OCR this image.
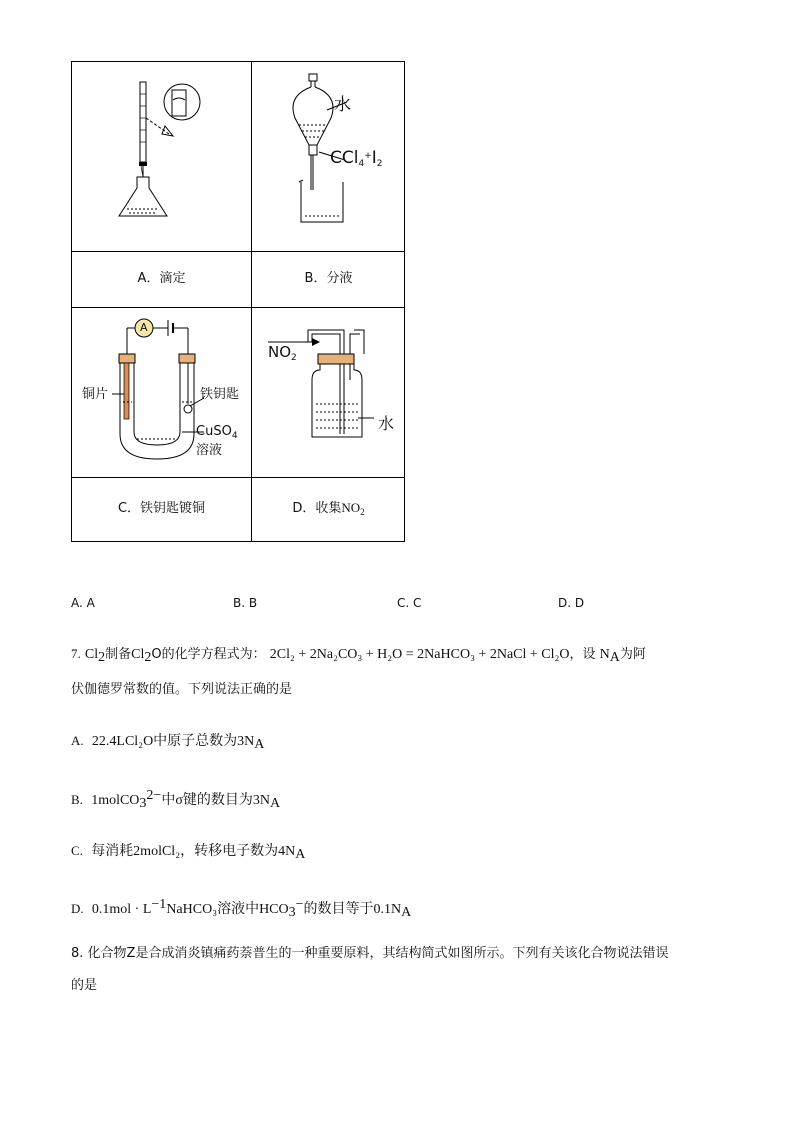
水
$CCl_4^+I_2$
A．滴定	B．分液
A
铜片	铁钥匙
CuSO$_4$
溶液
$NO_2$
水
C．铁钥匙镀铜	D．收集$NO_2$
A. A	B. B	C. C	D. D
7. $Cl_2$制备$Cl_2O$的化学方程式为： 2Cl₂ + 2Na₂CO₃ + H₂O = 2NaHCO₃ + 2NaCl + Cl₂O，设 $N_A$为阿
伏伽德罗常数的值。下列说法正确的是
A. 22.4LCl₂O中原子总数为$3N_A$
B. 1molCO$_3^{2-}$中σ键的数目为$3N_A$
C. 每消耗2molCl₂，转移电子数为$4N_A$
D. $0.1mol \cdot L^{-1}NaHCO_3$溶液中$HCO_3^-$的数目等于$0.1N_A$
8. 化合物Z是合成消炎镇痛药萘普生的一种重要原料，其结构简式如图所示。下列有关该化合物说法错误
的是
